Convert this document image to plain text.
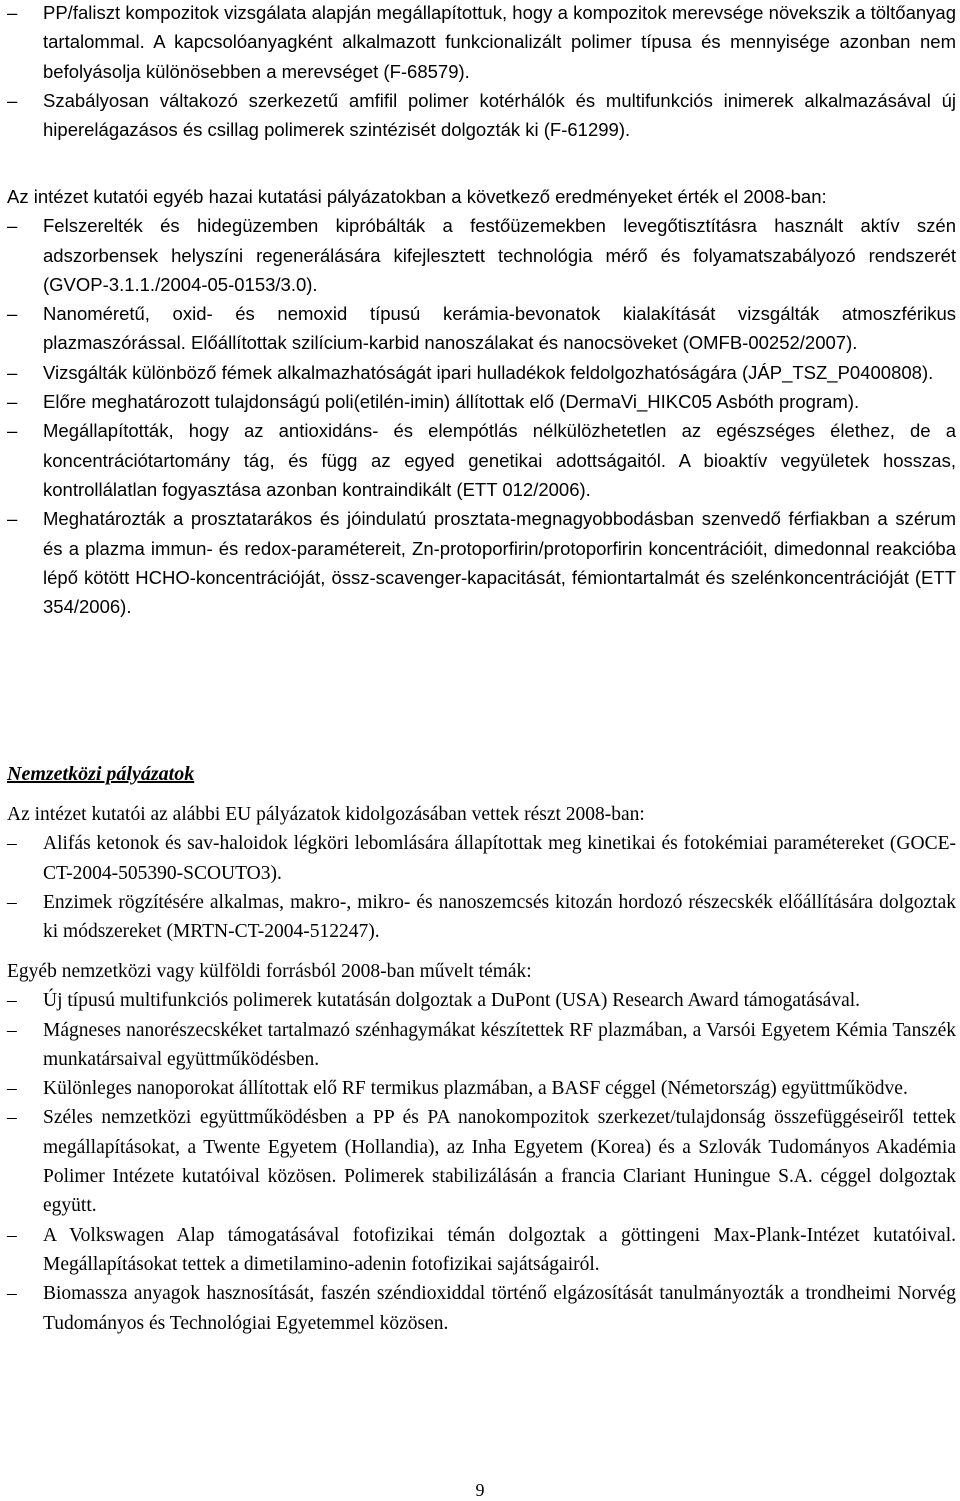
–	PP/faliszt kompozitok vizsgálata alapján megállapítottuk, hogy a kompozitok merevsége növekszik a töltőanyag tartalommal. A kapcsolóanyagként alkalmazott funkcionalizált polimer típusa és mennyisége azonban nem befolyásolja különösebben a merevséget (F-68579).

–	Szabályosan váltakozó szerkezetű amfifil polimer kotérhálók és multifunkciós inimerek alkalmazásával új hiperelágazásos és csillag polimerek szintézisét dolgozták ki (F-61299).

Az intézet kutatói egyéb hazai kutatási pályázatokban a következő eredményeket érték el 2008-ban:

–	Felszerelték és hidegüzemben kipróbálták a festőüzemekben levegőtisztításra használt aktív szén adszorbensek helyszíni regenerálására kifejlesztett technológia mérő és folyamatszabályozó rendszerét (GVOP-3.1.1./2004-05-0153/3.0).

–	Nanoméretű, oxid- és nemoxid típusú kerámia-bevonatok kialakítását vizsgálták atmoszférikus plazmaszórással. Előállítottak szilícium-karbid nanoszálakat és nanocsöveket (OMFB-00252/2007).

–	Vizsgálták különböző fémek alkalmazhatóságát ipari hulladékok feldolgozhatóságára (JÁP_TSZ_P0400808).

–	Előre meghatározott tulajdonságú poli(etilén-imin) állítottak elő (DermaVi_HIKC05 Asbóth program).

–	Megállapították, hogy az antioxidáns- és elempótlás nélkülözhetetlen az egészséges élethez, de a koncentrációtartomány tág, és függ az egyed genetikai adottságaitól. A bioaktív vegyületek hosszas, kontrollálatlan fogyasztása azonban kontraindikált (ETT 012/2006).

–	Meghatározták a prosztatarákos és jóindulatú prosztata-megnagyobbodásban szenvedő férfiakban a szérum és a plazma immun- és redox-paramétereit, Zn-protoporfirin/protoporfirin koncentrációit, dimedonnal reakcióba lépő kötött HCHO-koncentrációját, össz-scavenger-kapacitását, fémiontartalmát és szelénkoncentrációját (ETT 354/2006).

Nemzetközi pályázatok

Az intézet kutatói az alábbi EU pályázatok kidolgozásában vettek részt 2008-ban:

–	Alifás ketonok és sav-haloidok légköri lebomlására állapítottak meg kinetikai és fotokémiai paramétereket (GOCE-CT-2004-505390-SCOUTO3).

–	Enzimek rögzítésére alkalmas, makro-, mikro- és nanoszemcsés kitozán hordozó részecskék előállítására dolgoztak ki módszereket (MRTN-CT-2004-512247).

Egyéb nemzetközi vagy külföldi forrásból 2008-ban művelt témák:

–	Új típusú multifunkciós polimerek kutatásán dolgoztak a DuPont (USA) Research Award támogatásával.

–	Mágneses nanorészecskéket tartalmazó szénhagymákat készítettek RF plazmában, a Varsói Egyetem Kémia Tanszék munkatársaival együttműködésben.

–	Különleges nanoporokat állítottak elő RF termikus plazmában, a BASF céggel (Németország) együttműködve.

–	Széles nemzetközi együttműködésben a PP és PA nanokompozitok szerkezet/tulajdonság összefüggéseiről tettek megállapításokat, a Twente Egyetem (Hollandia), az Inha Egyetem (Korea) és a Szlovák Tudományos Akadémia Polimer Intézete kutatóival közösen. Polimerek stabilizálásán a francia Clariant Huningue S.A. céggel dolgoztak együtt.

–	A Volkswagen Alap támogatásával fotofizikai témán dolgoztak a göttingeni Max-Plank-Intézet kutatóival. Megállapításokat tettek a dimetilamino-adenin fotofizikai sajátságairól.

–	Biomassza anyagok hasznosítását, faszén széndioxiddal történő elgázosítását tanulmányozták a trondheimi Norvég Tudományos és Technológiai Egyetemmel közösen.

9
